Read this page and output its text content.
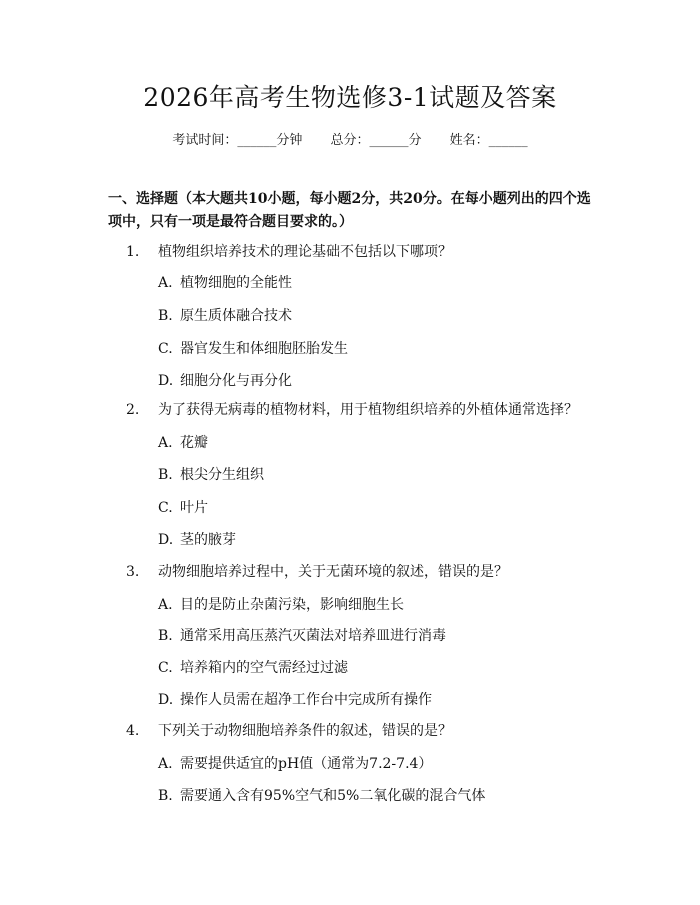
2026年高考生物选修3-1试题及答案
考试时间：______分钟 总分：______分 姓名：______
一、选择题（本大题共10小题，每小题2分，共20分。在每小题列出的四个选项中，只有一项是最符合题目要求的。）
1. 植物组织培养技术的理论基础不包括以下哪项？
A. 植物细胞的全能性
B. 原生质体融合技术
C. 器官发生和体细胞胚胎发生
D. 细胞分化与再分化
2. 为了获得无病毒的植物材料，用于植物组织培养的外植体通常选择？
A. 花瓣
B. 根尖分生组织
C. 叶片
D. 茎的腋芽
3. 动物细胞培养过程中，关于无菌环境的叙述，错误的是？
A. 目的是防止杂菌污染，影响细胞生长
B. 通常采用高压蒸汽灭菌法对培养皿进行消毒
C. 培养箱内的空气需经过过滤
D. 操作人员需在超净工作台中完成所有操作
4. 下列关于动物细胞培养条件的叙述，错误的是？
A. 需要提供适宜的pH值（通常为7.2-7.4）
B. 需要通入含有95%空气和5%二氧化碳的混合气体
